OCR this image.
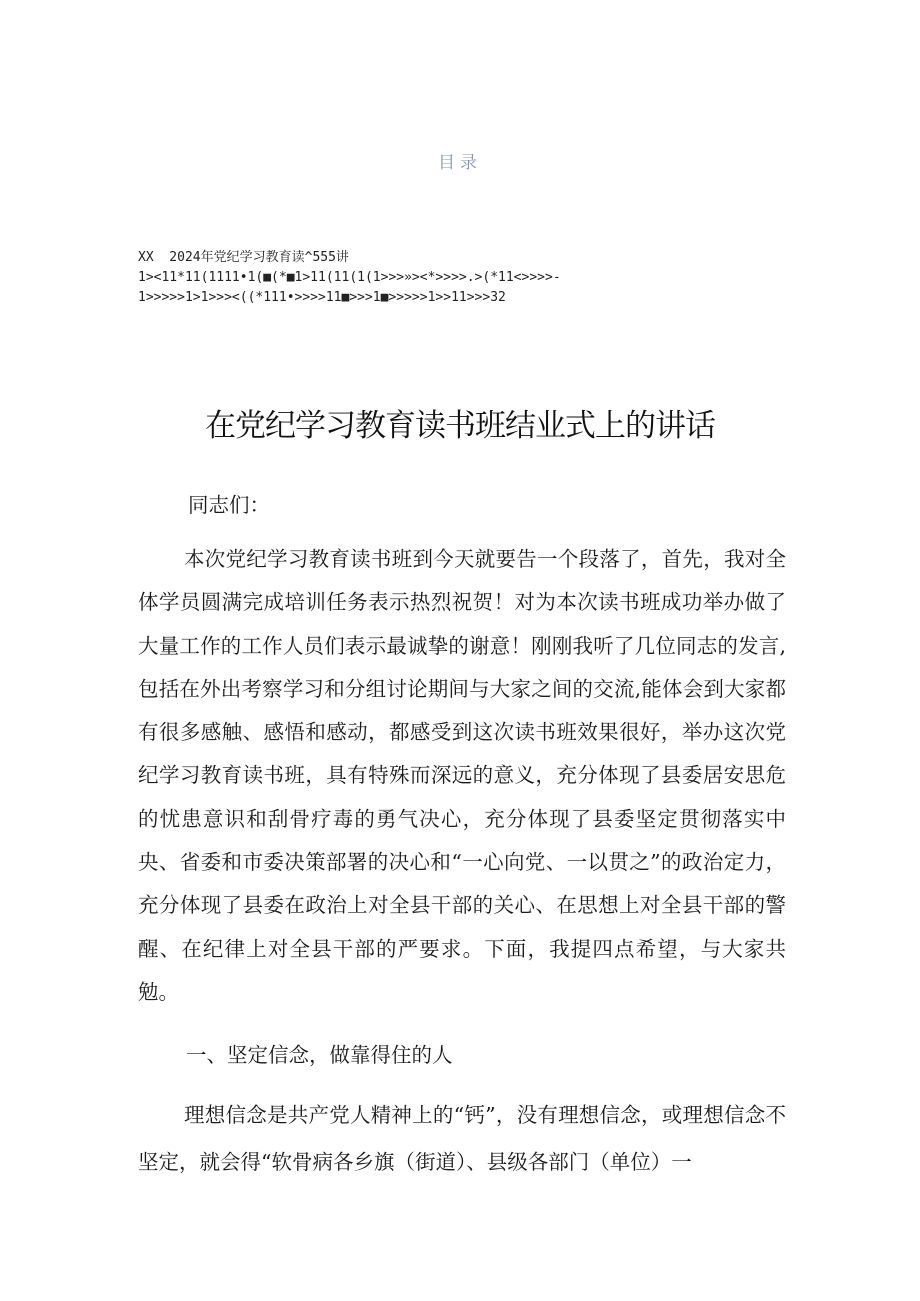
目录
XX  2024年党纪学习教育读^555讲
1><11*11(1111•1(■(*■1>11(11(1(1>>>»><*>>>>.>(*11<>>>>-
1>>>>>1>1>>><((*111•>>>>11■>>>1■>>>>>1>>11>>>32
在党纪学习教育读书班结业式上的讲话
同志们：
本次党纪学习教育读书班到今天就要告一个段落了，首先，我对全体学员圆满完成培训任务表示热烈祝贺！对为本次读书班成功举办做了大量工作的工作人员们表示最诚挚的谢意！刚刚我听了几位同志的发言,包括在外出考察学习和分组讨论期间与大家之间的交流,能体会到大家都有很多感触、感悟和感动，都感受到这次读书班效果很好，举办这次党纪学习教育读书班，具有特殊而深远的意义，充分体现了县委居安思危的忧患意识和刮骨疗毒的勇气决心，充分体现了县委坚定贯彻落实中央、省委和市委决策部署的决心和“一心向党、一以贯之”的政治定力，充分体现了县委在政治上对全县干部的关心、在思想上对全县干部的警醒、在纪律上对全县干部的严要求。下面，我提四点希望，与大家共勉。
一、坚定信念，做靠得住的人
理想信念是共产党人精神上的“钙”，没有理想信念，或理想信念不坚定，就会得“软骨病各乡旗（街道）、县级各部门（单位）一
